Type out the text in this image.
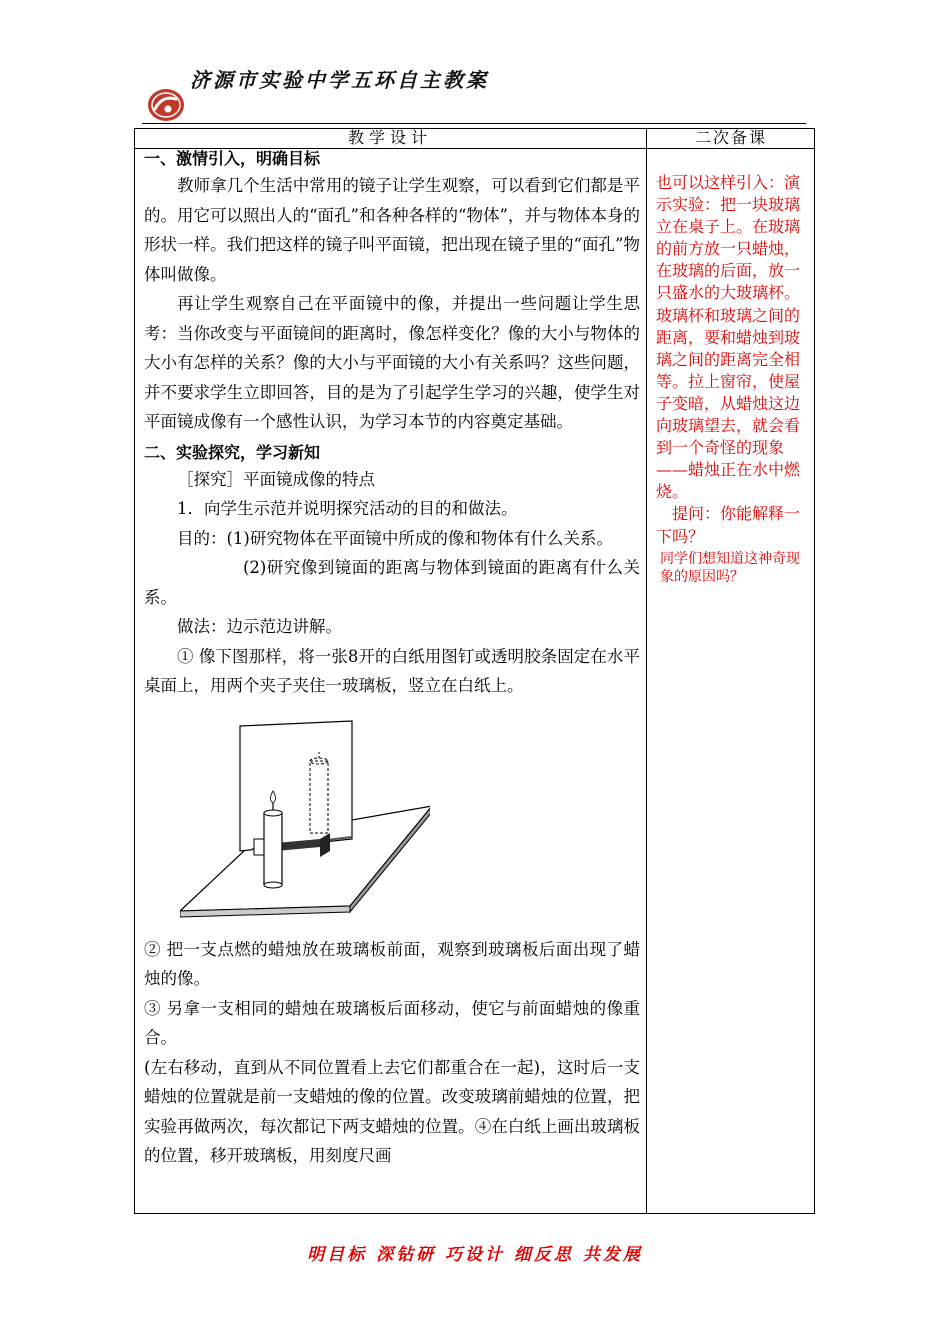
济源市实验中学五环自主教案
教学设计	二次备课

一、激情引入，明确目标

教师拿几个生活中常用的镜子让学生观察，可以看到它们都是平的。用它可以照出人的“面孔”和各种各样的“物体”，并与物体本身的形状一样。我们把这样的镜子叫平面镜，把出现在镜子里的“面孔”物体叫做像。

再让学生观察自己在平面镜中的像，并提出一些问题让学生思考：当你改变与平面镜间的距离时，像怎样变化？像的大小与物体的大小有怎样的关系？像的大小与平面镜的大小有关系吗？这些问题，并不要求学生立即回答，目的是为了引起学生学习的兴趣，使学生对平面镜成像有一个感性认识，为学习本节的内容奠定基础。

二、实验探究，学习新知

［探究］平面镜成像的特点

1．向学生示范并说明探究活动的目的和做法。

目的：(1)研究物体在平面镜中所成的像和物体有什么关系。

(2)研究像到镜面的距离与物体到镜面的距离有什么关系。

做法：边示范边讲解。

① 像下图那样，将一张8开的白纸用图钉或透明胶条固定在水平桌面上，用两个夹子夹住一玻璃板，竖立在白纸上。

② 把一支点燃的蜡烛放在玻璃板前面，观察到玻璃板后面出现了蜡烛的像。

③ 另拿一支相同的蜡烛在玻璃板后面移动，使它与前面蜡烛的像重合。

(左右移动，直到从不同位置看上去它们都重合在一起)，这时后一支蜡烛的位置就是前一支蜡烛的像的位置。改变玻璃前蜡烛的位置，把实验再做两次，每次都记下两支蜡烛的位置。④在白纸上画出玻璃板的位置，移开玻璃板，用刻度尺画

也可以这样引入：演示实验：把一块玻璃立在桌子上。在玻璃的前方放一只蜡烛，在玻璃的后面，放一只盛水的大玻璃杯。玻璃杯和玻璃之间的距离，要和蜡烛到玻璃之间的距离完全相等。拉上窗帘，使屋子变暗，从蜡烛这边向玻璃望去，就会看到一个奇怪的现象——蜡烛正在水中燃烧。

提问：你能解释一下吗？

同学们想知道这神奇现象的原因吗？

明目标 深钻研 巧设计 细反思 共发展
